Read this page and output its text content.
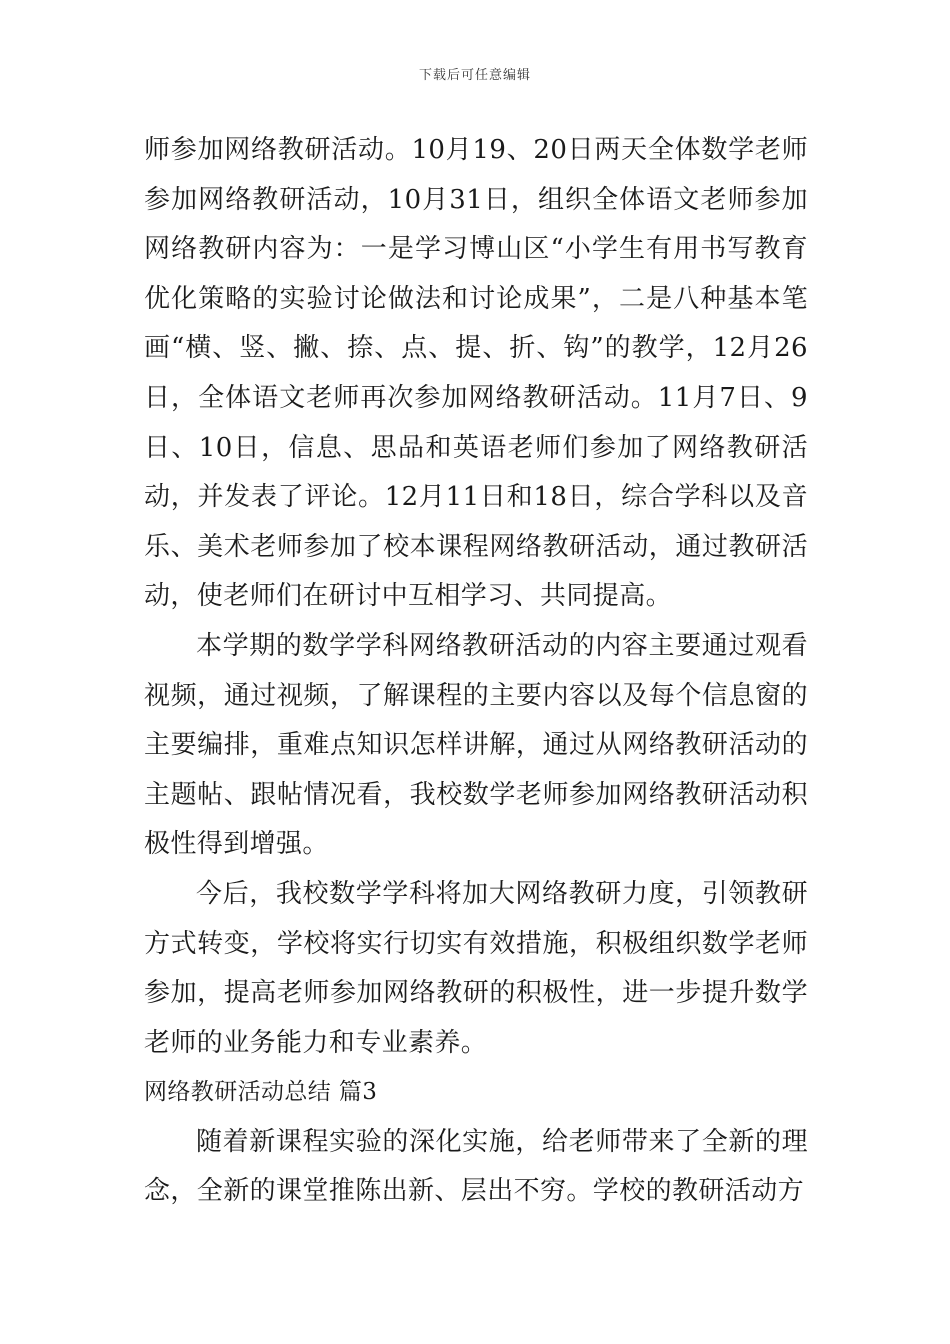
下载后可任意编辑

师参加网络教研活动。10月19、20日两天全体数学老师参加网络教研活动，10月31日，组织全体语文老师参加网络教研内容为：一是学习博山区“小学生有用书写教育优化策略的实验讨论做法和讨论成果”，二是八种基本笔画“横、竖、撇、捺、点、提、折、钩”的教学，12月26日，全体语文老师再次参加网络教研活动。11月7日、9日、10日，信息、思品和英语老师们参加了网络教研活动，并发表了评论。12月11日和18日，综合学科以及音乐、美术老师参加了校本课程网络教研活动，通过教研活动，使老师们在研讨中互相学习、共同提高。

本学期的数学学科网络教研活动的内容主要通过观看视频，通过视频，了解课程的主要内容以及每个信息窗的主要编排，重难点知识怎样讲解，通过从网络教研活动的主题帖、跟帖情况看，我校数学老师参加网络教研活动积极性得到增强。

今后，我校数学学科将加大网络教研力度，引领教研方式转变，学校将实行切实有效措施，积极组织数学老师参加，提高老师参加网络教研的积极性，进一步提升数学老师的业务能力和专业素养。

网络教研活动总结 篇3

随着新课程实验的深化实施，给老师带来了全新的理念，全新的课堂推陈出新、层出不穷。学校的教研活动方
